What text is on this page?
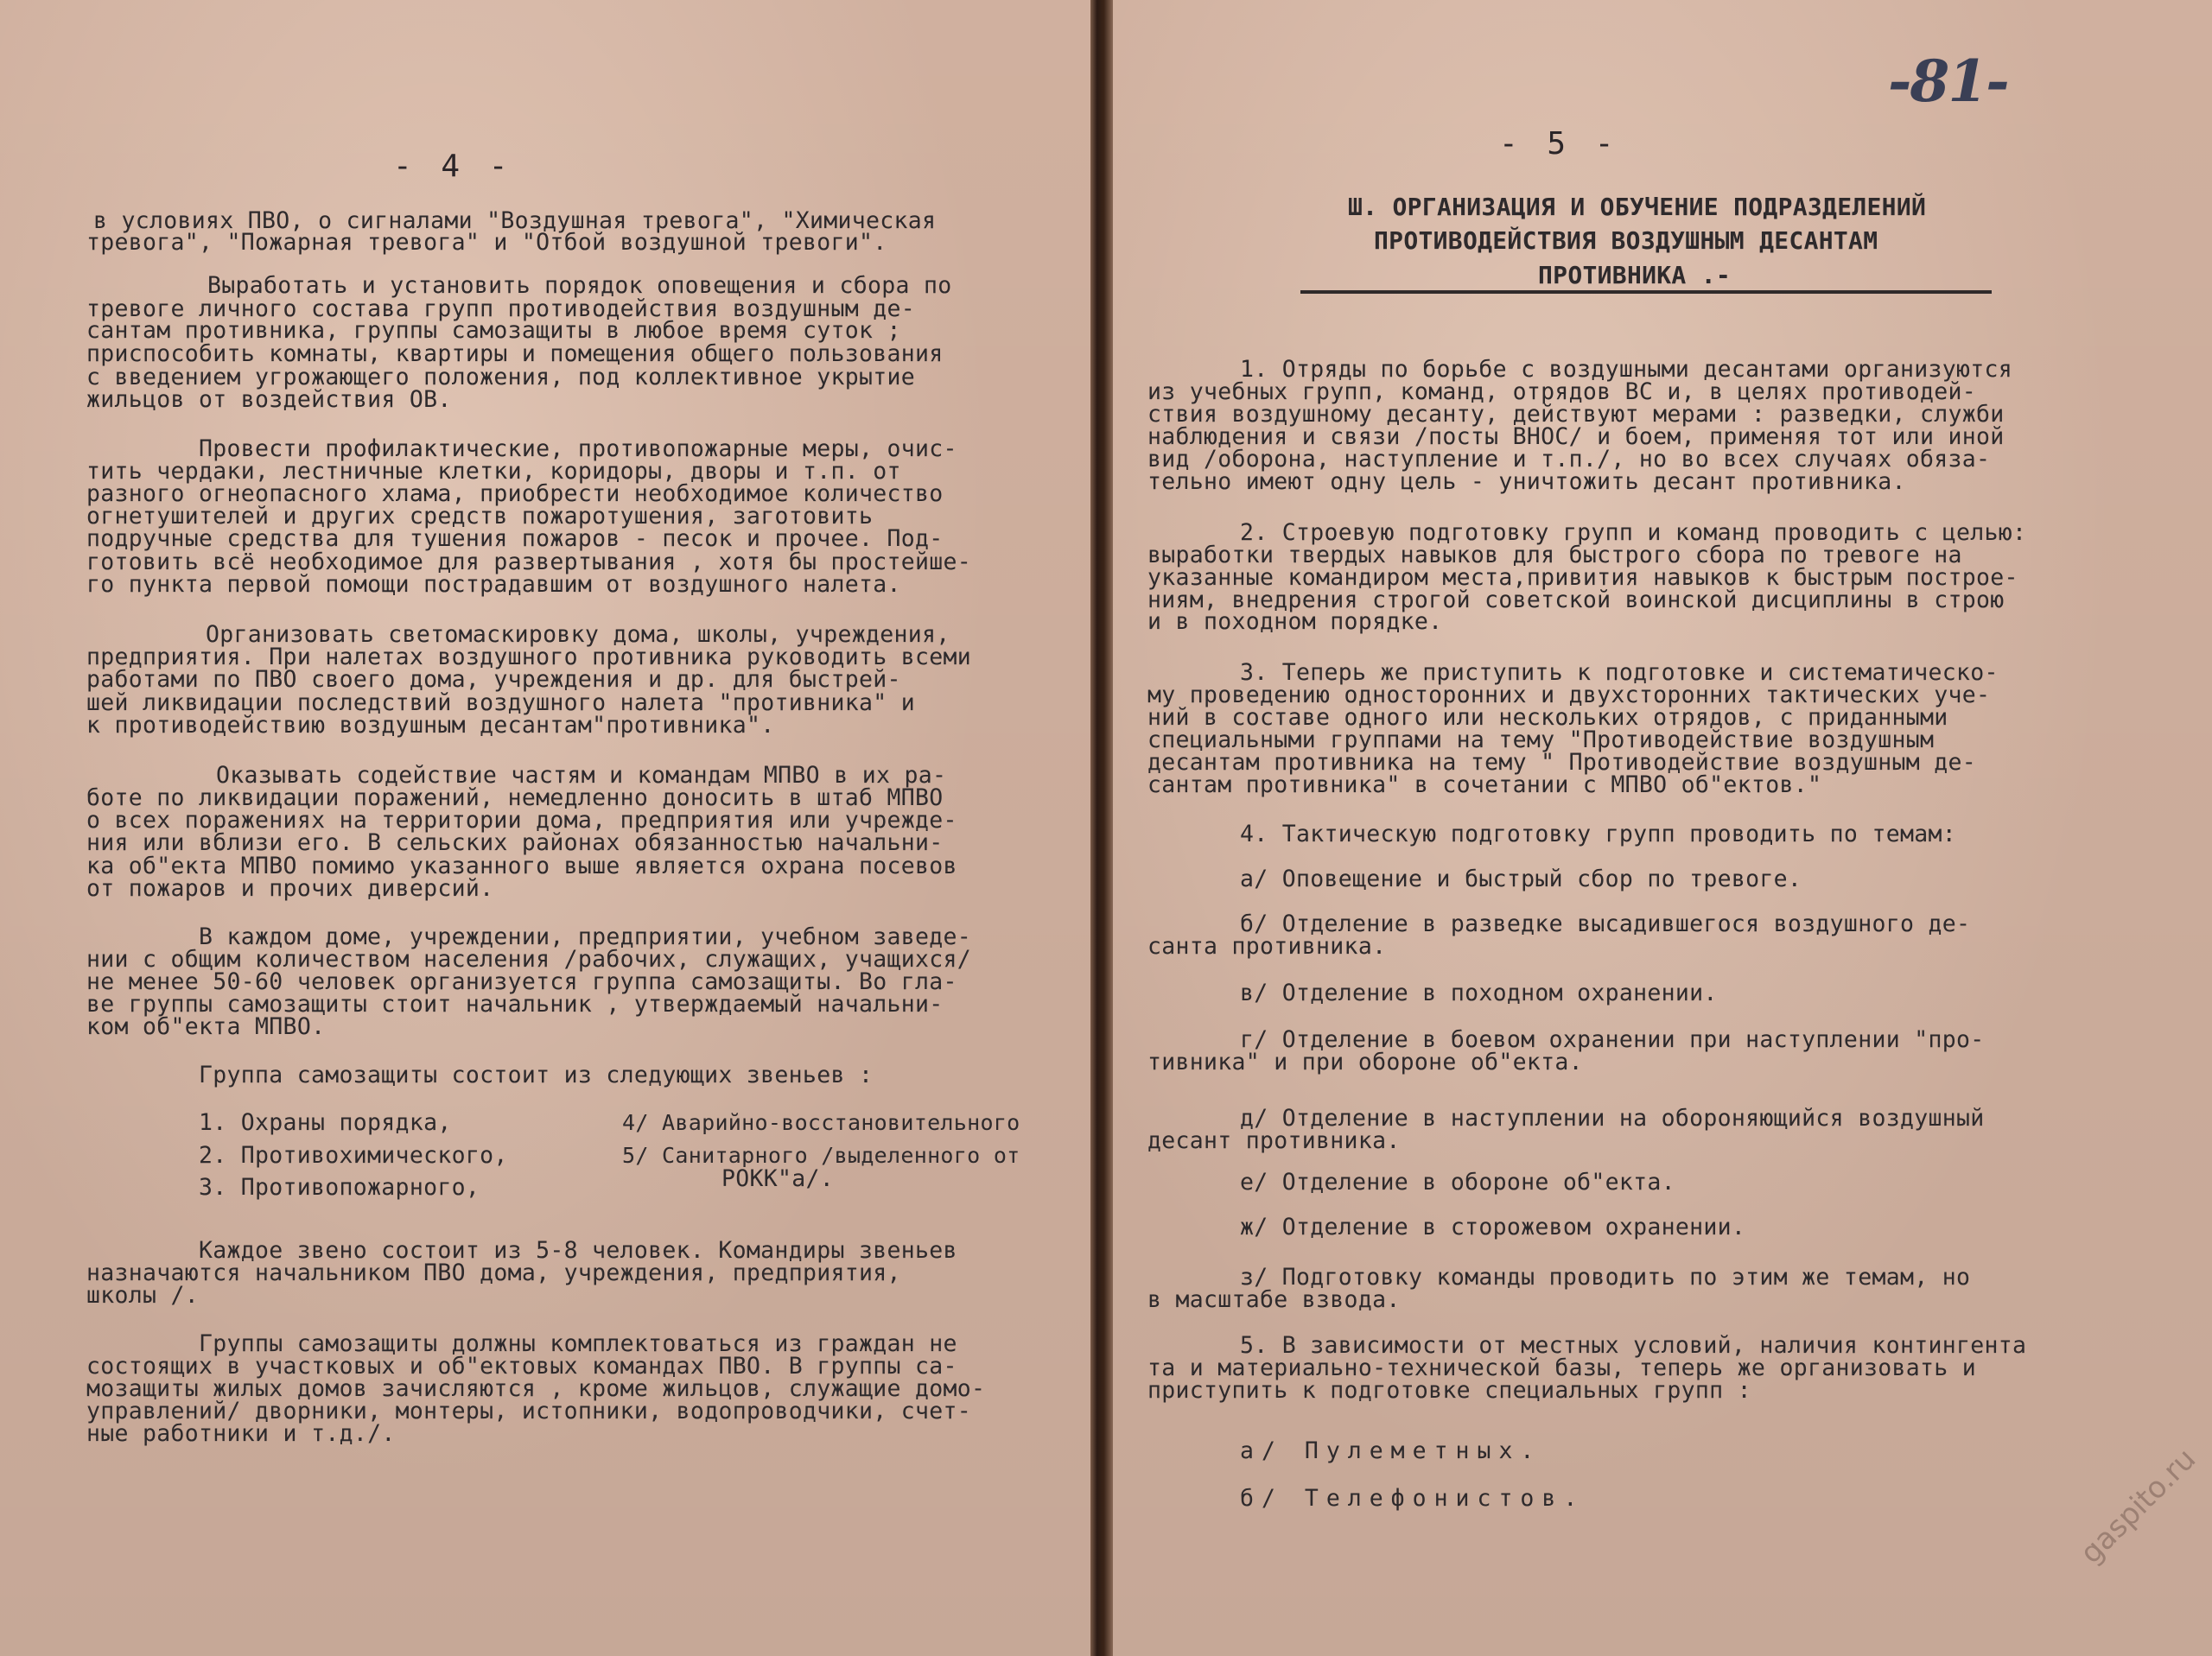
- 4 -
в условиях ПВО, о сигналами "Воздушная тревога", "Химическая
тревога", "Пожарная тревога" и "Отбой воздушной тревоги".
Выработать и установить порядок оповещения и сбора по
тревоге личного состава групп противодействия воздушным де-
сантам противника, группы самозащиты в любое время суток ;
приспособить комнаты, квартиры и помещения общего пользования
с введением угрожающего положения, под коллективное укрытие
жильцов от воздействия ОВ.
Провести профилактические, противопожарные меры, очис-
тить чердаки, лестничные клетки, коридоры, дворы и т.п. от
разного огнеопасного хлама, приобрести необходимое количество
огнетушителей и других средств пожаротушения, заготовить
подручные средства для тушения пожаров - песок и прочее. Под-
готовить всё необходимое для развертывания , хотя бы простейше-
го пункта первой помощи пострадавшим от воздушного налета.
Организовать светомаскировку дома, школы, учреждения,
предприятия. При налетах воздушного противника руководить всеми
работами по ПВО своего дома, учреждения и др. для быстрей-
шей ликвидации последствий воздушного налета "противника" и
к противодействию воздушным десантам"противника".
Оказывать содействие частям и командам МПВО в их ра-
боте по ликвидации поражений, немедленно доносить в штаб МПВО
о всех поражениях на территории дома, предприятия или учрежде-
ния или вблизи его. В сельских районах обязанностью начальни-
ка об"екта МПВО помимо указанного выше является охрана посевов
от пожаров и прочих диверсий.
В каждом доме, учреждении, предприятии, учебном заведе-
нии с общим количеством населения /рабочих, служащих, учащихся/
не менее 50-60 человек организуется группа самозащиты. Во гла-
ве группы самозащиты стоит начальник , утверждаемый начальни-
ком об"екта МПВО.
Группа самозащиты состоит из следующих звеньев :
1. Охраны порядка,	4/ Аварийно-восстановительного
2. Противохимического,	5/ Санитарного /выделенного от
РОКК"а/.
3. Противопожарного,
Каждое звено состоит из 5-8 человек. Командиры звеньев
назначаются начальником ПВО дома, учреждения, предприятия,
школы /.
Группы самозащиты должны комплектоваться из граждан не
состоящих в участковых и об"ектовых командах ПВО. В группы са-
мозащиты жилых домов зачисляются , кроме жильцов, служащие домо-
управлений/ дворники, монтеры, истопники, водопроводчики, счет-
ные работники и т.д./.
- 5 -
-81-
Ш. ОРГАНИЗАЦИЯ И ОБУЧЕНИЕ ПОДРАЗДЕЛЕНИЙ
ПРОТИВОДЕЙСТВИЯ ВОЗДУШНЫМ ДЕСАНТАМ
ПРОТИВНИКА .-
1. Отряды по борьбе с воздушными десантами организуются
из учебных групп, команд, отрядов ВС и, в целях противодей-
ствия воздушному десанту, действуют мерами : разведки, служби
наблюдения и связи /посты ВНОС/ и боем, применяя тот или иной
вид /оборона, наступление и т.п./, но во всех случаях обяза-
тельно имеют одну цель - уничтожить десант противника.
2. Строевую подготовку групп и команд проводить с целью:
выработки твердых навыков для быстрого сбора по тревоге на
указанные командиром места,привития навыков к быстрым построе-
ниям, внедрения строгой советской воинской дисциплины в строю
и в походном порядке.
3. Теперь же приступить к подготовке и систематическо-
му проведению односторонних и двухсторонних тактических уче-
ний в составе одного или нескольких отрядов, с приданными
специальными группами на тему "Противодействие воздушным
десантам противника на тему " Противодействие воздушным де-
сантам противника" в сочетании с МПВО об"ектов."
4. Тактическую подготовку групп проводить по темам:
а/ Оповещение и быстрый сбор по тревоге.
б/ Отделение в разведке высадившегося воздушного де-
санта противника.
в/ Отделение в походном охранении.
г/ Отделение в боевом охранении при наступлении "про-
тивника" и при обороне об"екта.
д/ Отделение в наступлении на обороняющийся воздушный
десант противника.
е/ Отделение в обороне об"екта.
ж/ Отделение в сторожевом охранении.
з/ Подготовку команды проводить по этим же темам, но
в масштабе взвода.
5. В зависимости от местных условий, наличия контингента
та и материально-технической базы, теперь же организовать и
приступить к подготовке специальных групп :
а/ Пулеметных.
б/ Телефонистов.	gaspito.ru
